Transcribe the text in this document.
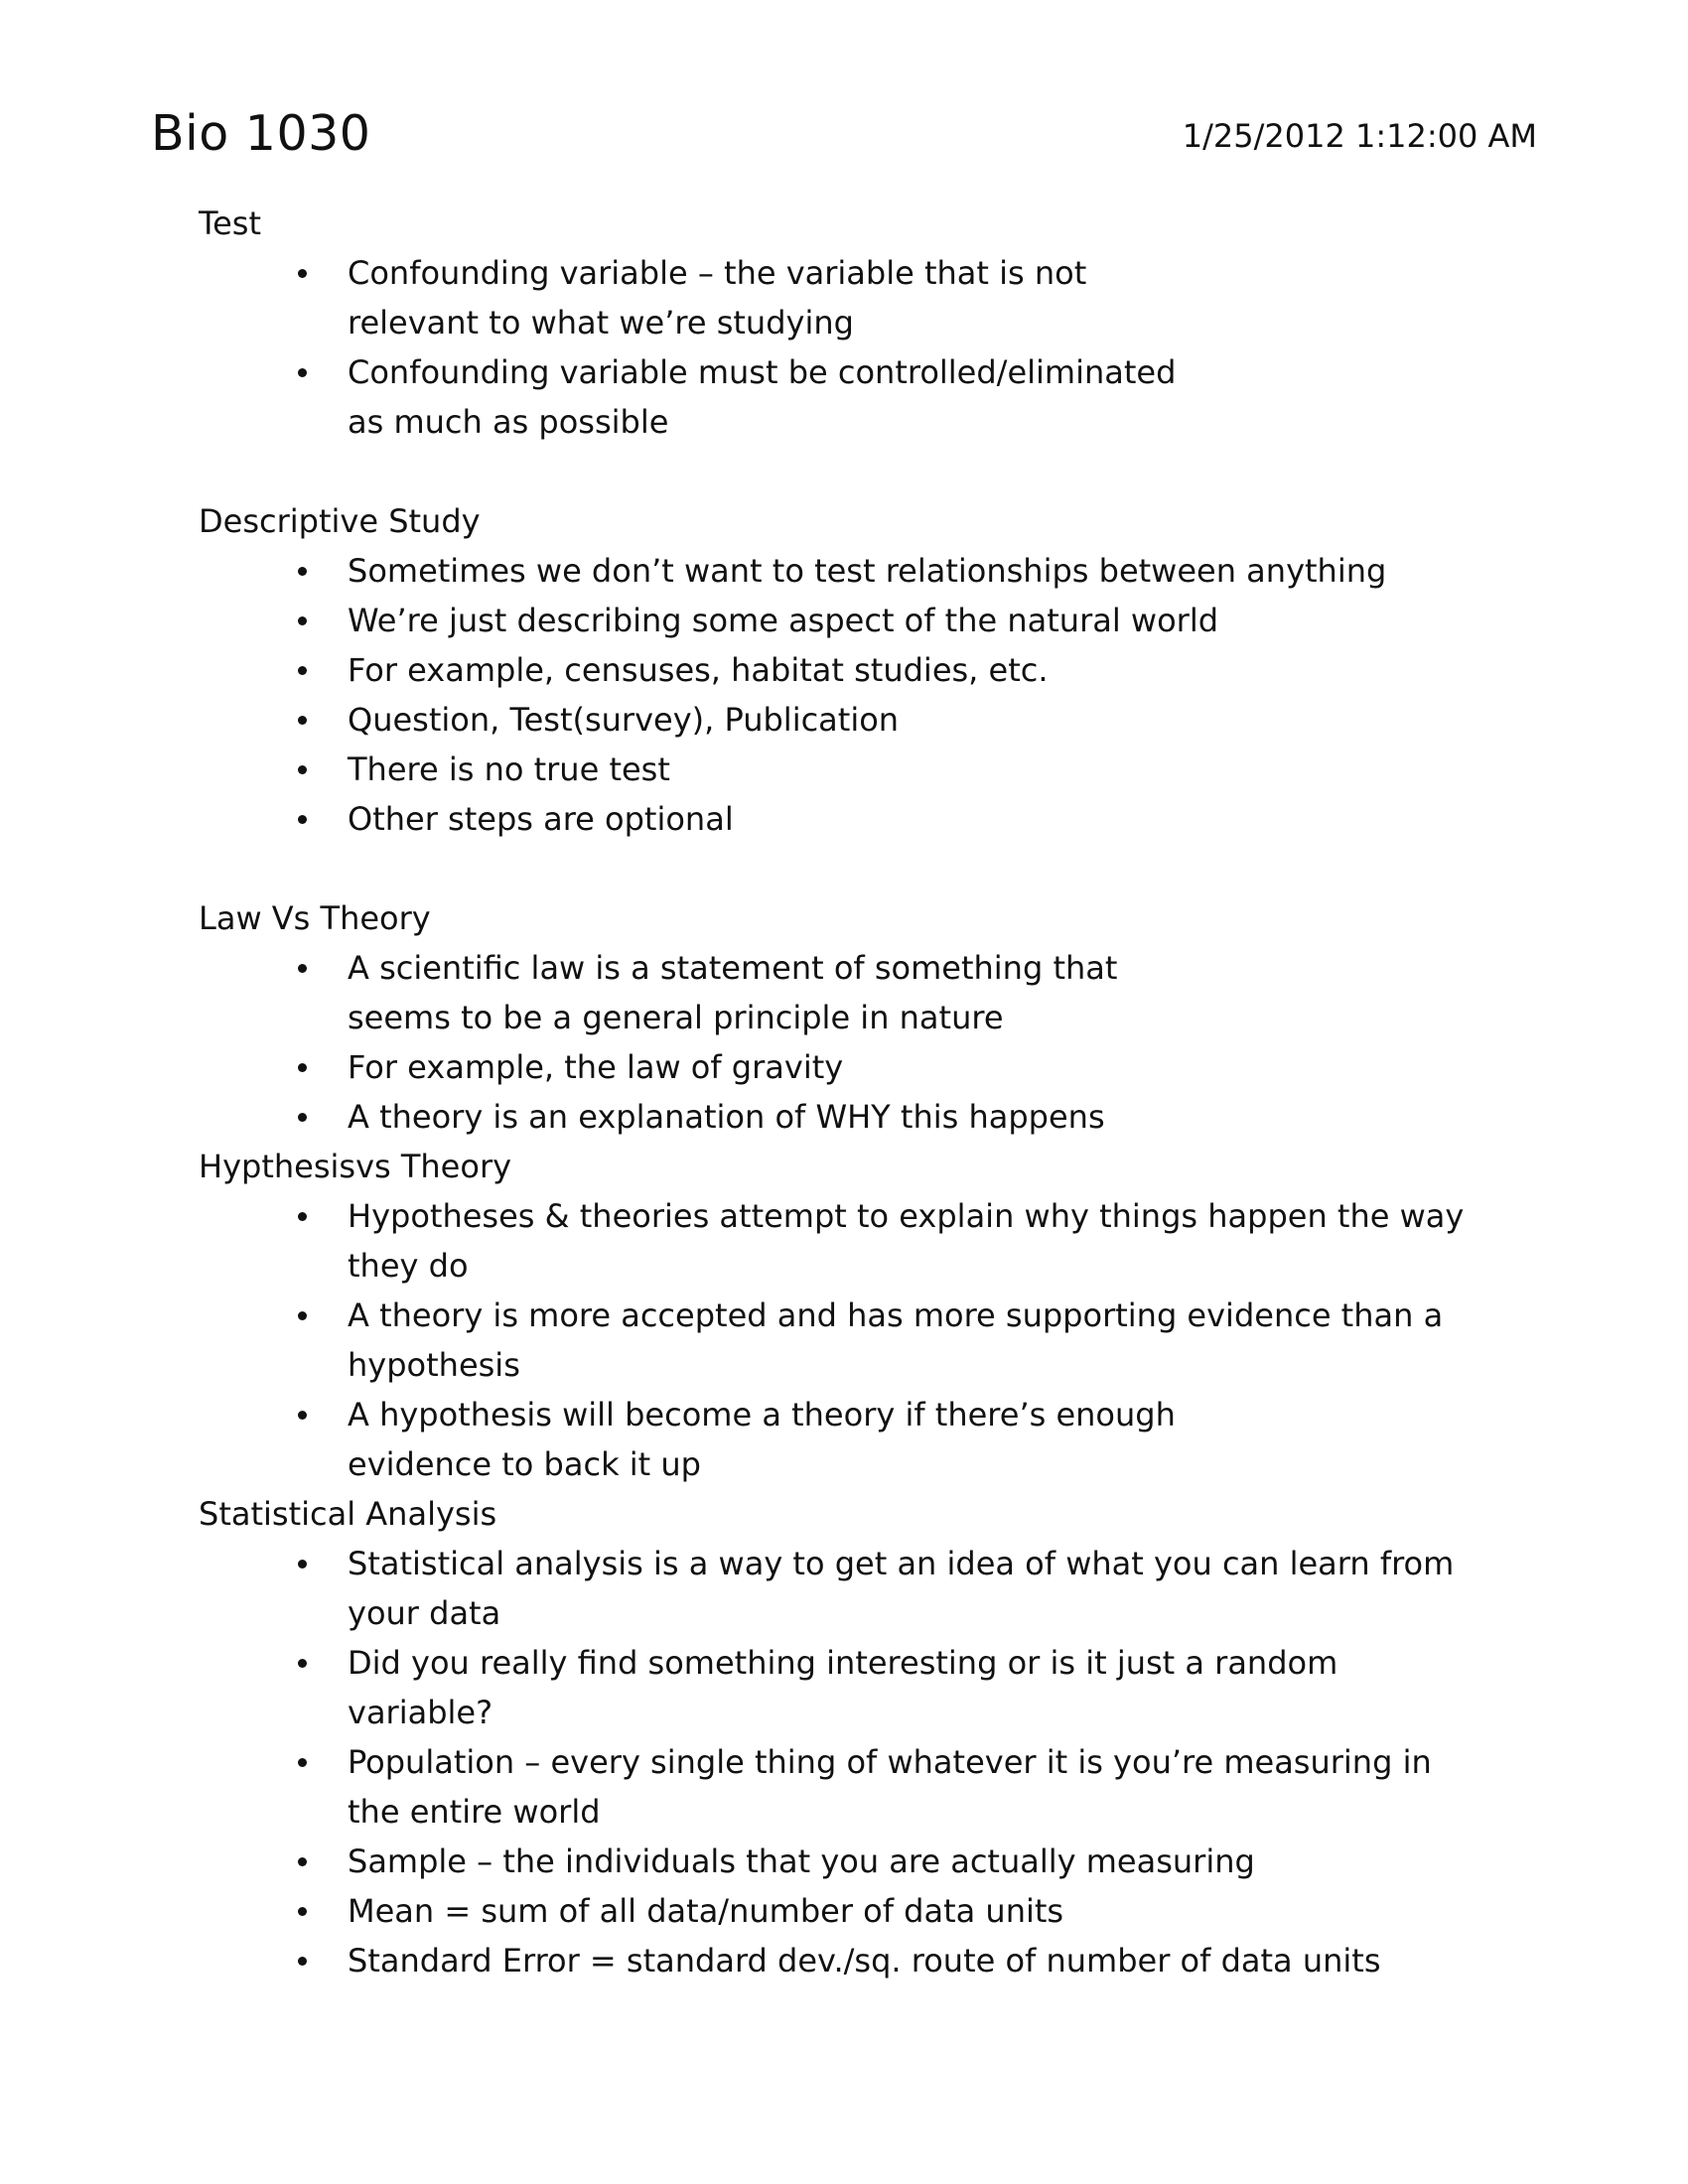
Bio 1030	1/25/2012 1:12:00 AM
Test
Confounding variable – the variable that is not relevant to what we’re studying
Confounding variable must be controlled/eliminated as much as possible
Descriptive Study
Sometimes we don’t want to test relationships between anything
We’re just describing some aspect of the natural world
For example, censuses, habitat studies, etc.
Question, Test(survey), Publication
There is no true test
Other steps are optional
Law Vs Theory
A scientific law is a statement of something that seems to be a general principle in nature
For example, the law of gravity
A theory is an explanation of WHY this happens
Hypthesisvs Theory
Hypotheses & theories attempt to explain why things happen the way they do
A theory is more accepted and has more supporting evidence than a hypothesis
A hypothesis will become a theory if there’s enough evidence to back it up
Statistical Analysis
Statistical analysis is a way to get an idea of what you can learn from your data
Did you really find something interesting or is it just a random variable?
Population – every single thing of whatever it is you’re measuring in the entire world
Sample – the individuals that you are actually measuring
Mean = sum of all data/number of data units
Standard Error = standard dev./sq. route of number of data units
